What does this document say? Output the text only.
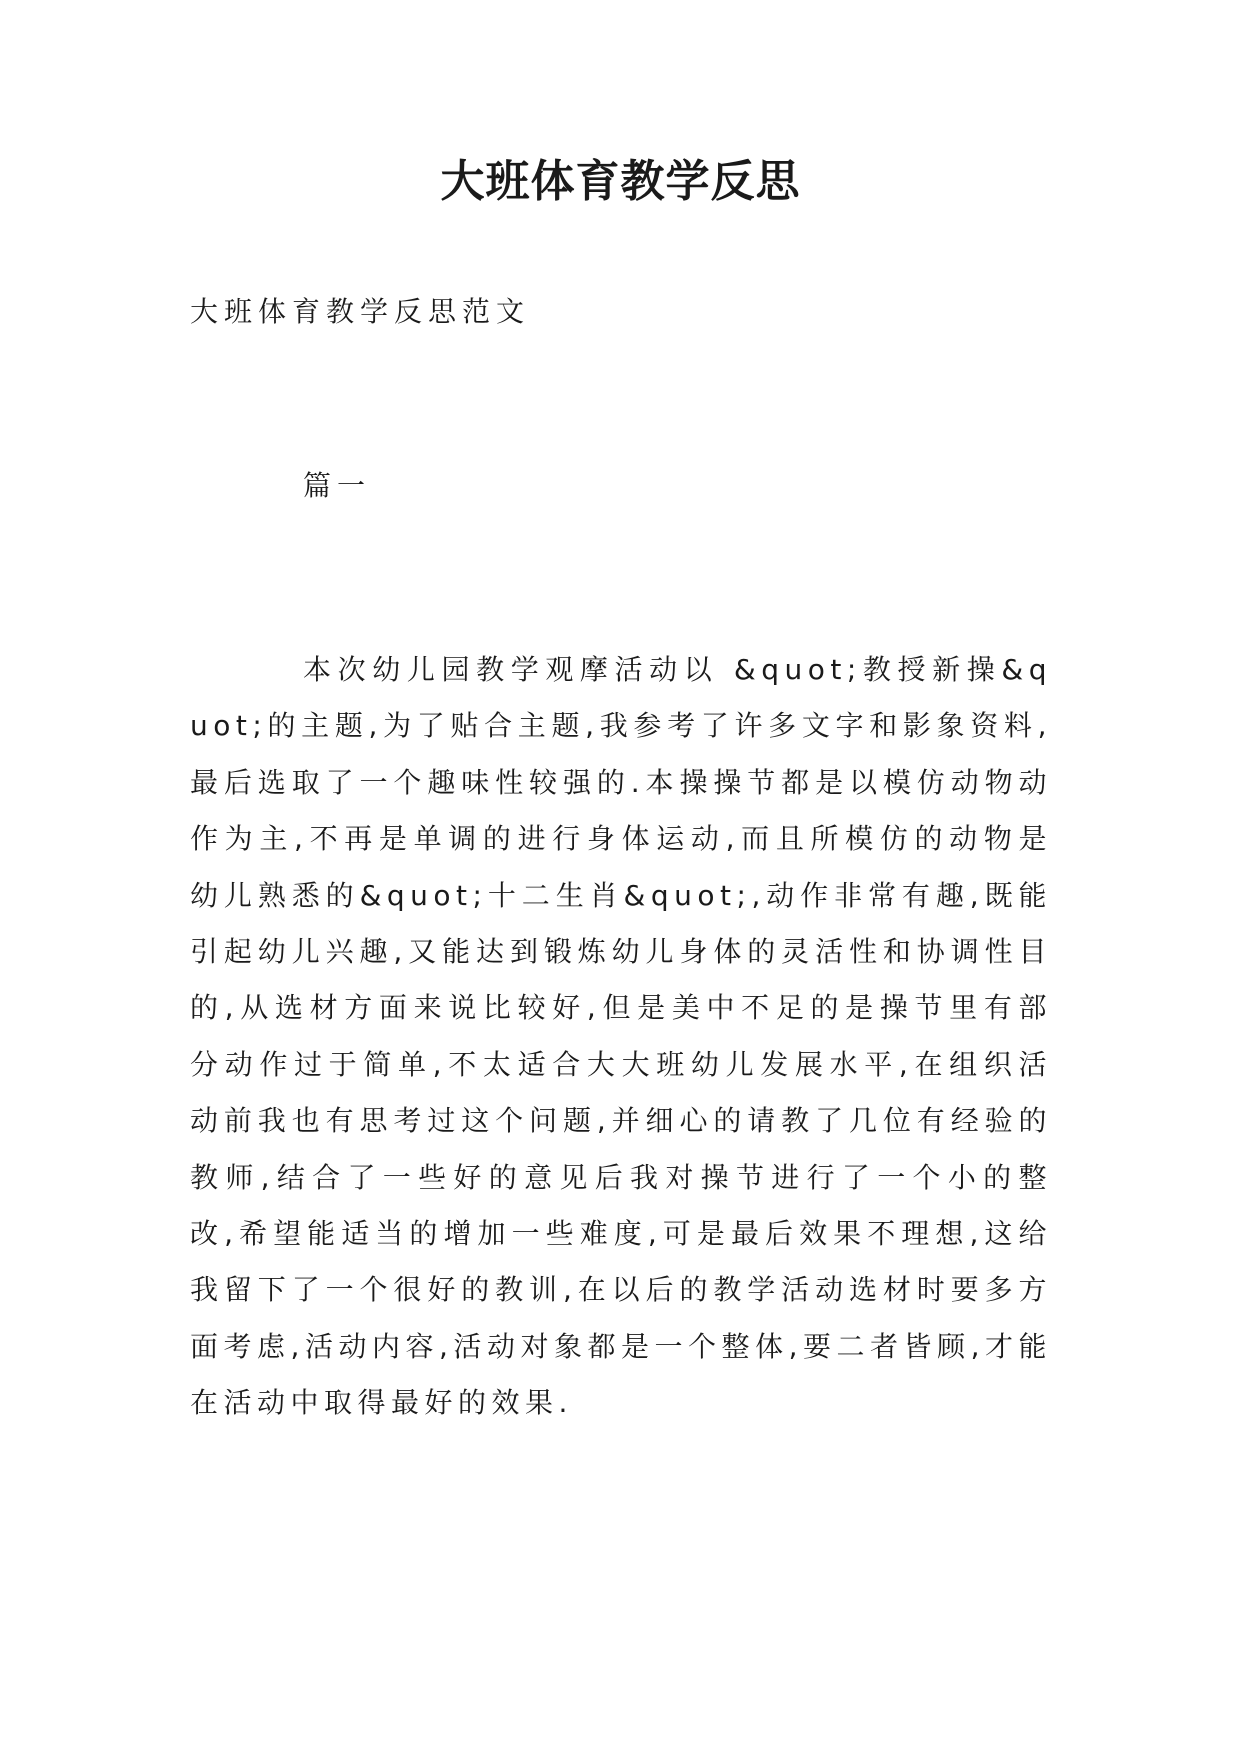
大班体育教学反思

大班体育教学反思范文

篇一

本次幼儿园教学观摩活动以 &quot;教授新操&quot;的主题,为了贴合主题,我参考了许多文字和影象资料,最后选取了一个趣味性较强的.本操操节都是以模仿动物动作为主,不再是单调的进行身体运动,而且所模仿的动物是幼儿熟悉的&quot;十二生肖&quot;,动作非常有趣,既能引起幼儿兴趣,又能达到锻炼幼儿身体的灵活性和协调性目的,从选材方面来说比较好,但是美中不足的是操节里有部分动作过于简单,不太适合大大班幼儿发展水平,在组织活动前我也有思考过这个问题,并细心的请教了几位有经验的教师,结合了一些好的意见后我对操节进行了一个小的整改,希望能适当的增加一些难度,可是最后效果不理想,这给我留下了一个很好的教训,在以后的教学活动选材时要多方面考虑,活动内容,活动对象都是一个整体,要二者皆顾,才能在活动中取得最好的效果.
